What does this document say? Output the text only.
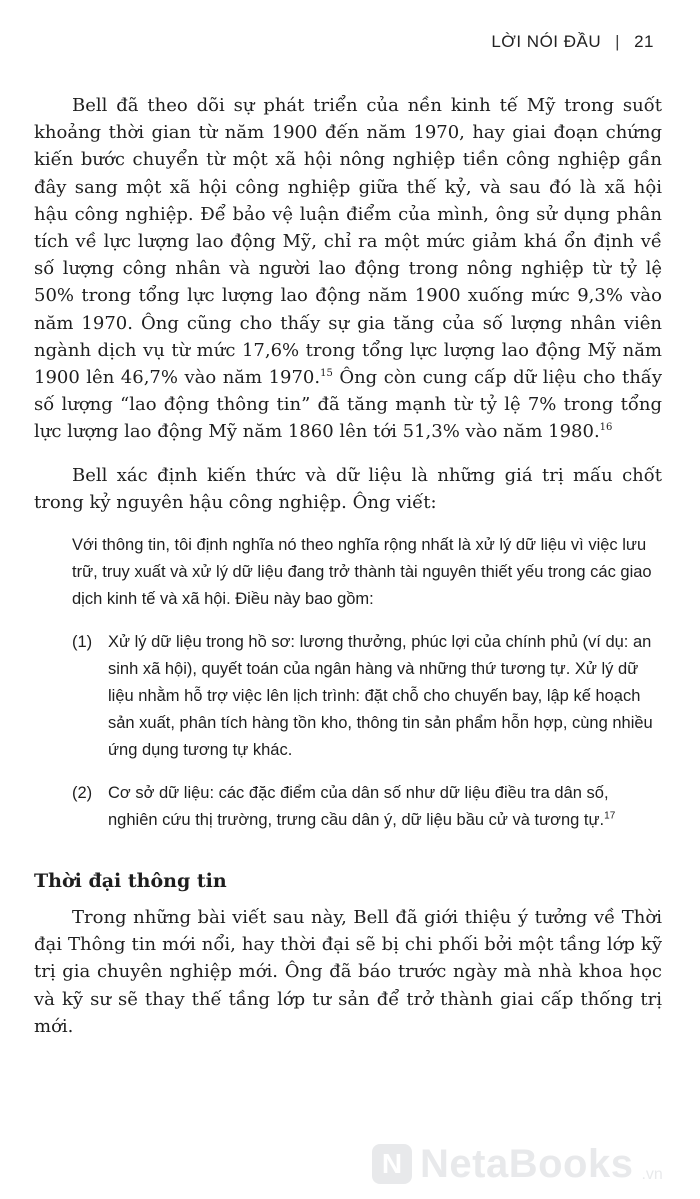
LỜI NÓI ĐẦU | 21

Bell đã theo dõi sự phát triển của nền kinh tế Mỹ trong suốt khoảng thời gian từ năm 1900 đến năm 1970, hay giai đoạn chứng kiến bước chuyển từ một xã hội nông nghiệp tiền công nghiệp gần đây sang một xã hội công nghiệp giữa thế kỷ, và sau đó là xã hội hậu công nghiệp. Để bảo vệ luận điểm của mình, ông sử dụng phân tích về lực lượng lao động Mỹ, chỉ ra một mức giảm khá ổn định về số lượng công nhân và người lao động trong nông nghiệp từ tỷ lệ 50% trong tổng lực lượng lao động năm 1900 xuống mức 9,3% vào năm 1970. Ông cũng cho thấy sự gia tăng của số lượng nhân viên ngành dịch vụ từ mức 17,6% trong tổng lực lượng lao động Mỹ năm 1900 lên 46,7% vào năm 1970.15 Ông còn cung cấp dữ liệu cho thấy số lượng “lao động thông tin” đã tăng mạnh từ tỷ lệ 7% trong tổng lực lượng lao động Mỹ năm 1860 lên tới 51,3% vào năm 1980.16

Bell xác định kiến thức và dữ liệu là những giá trị mấu chốt trong kỷ nguyên hậu công nghiệp. Ông viết:

Với thông tin, tôi định nghĩa nó theo nghĩa rộng nhất là xử lý dữ liệu vì việc lưu trữ, truy xuất và xử lý dữ liệu đang trở thành tài nguyên thiết yếu trong các giao dịch kinh tế và xã hội. Điều này bao gồm:

(1) Xử lý dữ liệu trong hồ sơ: lương thưởng, phúc lợi của chính phủ (ví dụ: an sinh xã hội), quyết toán của ngân hàng và những thứ tương tự. Xử lý dữ liệu nhằm hỗ trợ việc lên lịch trình: đặt chỗ cho chuyến bay, lập kế hoạch sản xuất, phân tích hàng tồn kho, thông tin sản phẩm hỗn hợp, cùng nhiều ứng dụng tương tự khác.
(2) Cơ sở dữ liệu: các đặc điểm của dân số như dữ liệu điều tra dân số, nghiên cứu thị trường, trưng cầu dân ý, dữ liệu bầu cử và tương tự.$^{17}$
Thời đại thông tin

Trong những bài viết sau này, Bell đã giới thiệu ý tưởng về Thời đại Thông tin mới nổi, hay thời đại sẽ bị chi phối bởi một tầng lớp kỹ trị gia chuyên nghiệp mới. Ông đã báo trước ngày mà nhà khoa học và kỹ sư sẽ thay thế tầng lớp tư sản để trở thành giai cấp thống trị mới.

N NetaBooks .vn
